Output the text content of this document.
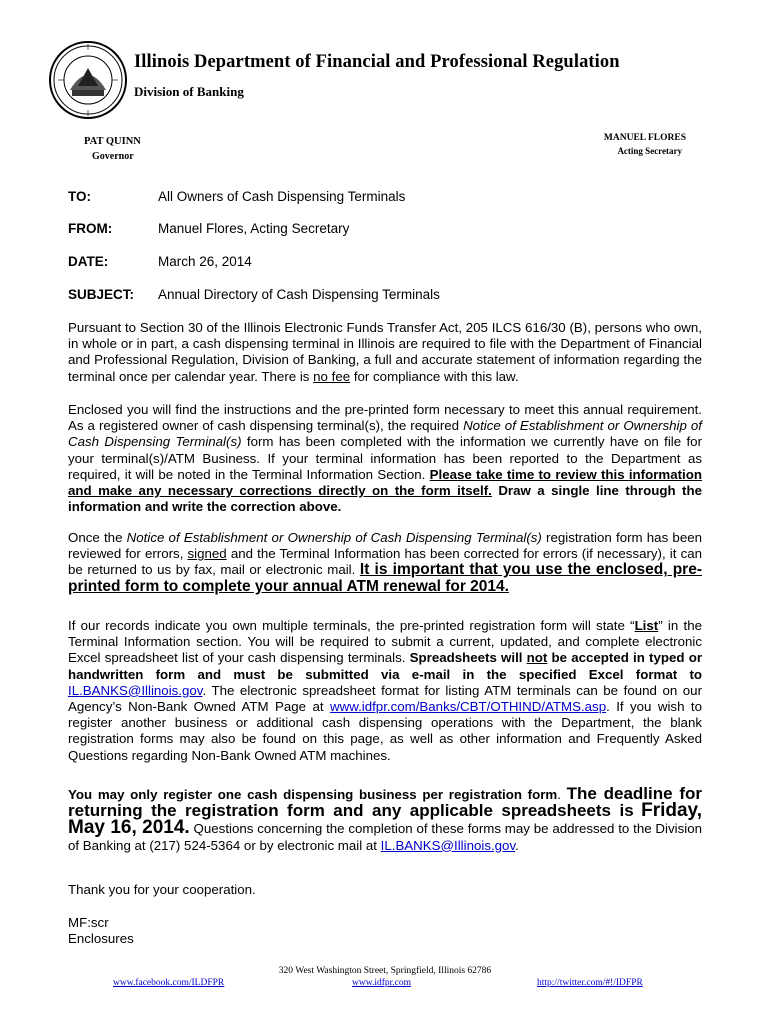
Illinois Department of Financial and Professional Regulation
Division of Banking
PAT QUINN
Governor
MANUEL FLORES
Acting Secretary
TO:	All Owners of Cash Dispensing Terminals
FROM:	Manuel Flores, Acting Secretary
DATE:	March 26, 2014
SUBJECT: Annual Directory of Cash Dispensing Terminals
Pursuant to Section 30 of the Illinois Electronic Funds Transfer Act, 205 ILCS 616/30 (B), persons who own, in whole or in part, a cash dispensing terminal in Illinois are required to file with the Department of Financial and Professional Regulation, Division of Banking, a full and accurate statement of information regarding the terminal once per calendar year. There is no fee for compliance with this law.
Enclosed you will find the instructions and the pre-printed form necessary to meet this annual requirement. As a registered owner of cash dispensing terminal(s), the required Notice of Establishment or Ownership of Cash Dispensing Terminal(s) form has been completed with the information we currently have on file for your terminal(s)/ATM Business. If your terminal information has been reported to the Department as required, it will be noted in the Terminal Information Section. Please take time to review this information and make any necessary corrections directly on the form itself. Draw a single line through the information and write the correction above.
Once the Notice of Establishment or Ownership of Cash Dispensing Terminal(s) registration form has been reviewed for errors, signed and the Terminal Information has been corrected for errors (if necessary), it can be returned to us by fax, mail or electronic mail. It is important that you use the enclosed, pre-printed form to complete your annual ATM renewal for 2014.
If our records indicate you own multiple terminals, the pre-printed registration form will state “List” in the Terminal Information section. You will be required to submit a current, updated, and complete electronic Excel spreadsheet list of your cash dispensing terminals. Spreadsheets will not be accepted in typed or handwritten form and must be submitted via e-mail in the specified Excel format to IL.BANKS@Illinois.gov. The electronic spreadsheet format for listing ATM terminals can be found on our Agency’s Non-Bank Owned ATM Page at www.idfpr.com/Banks/CBT/OTHIND/ATMS.asp. If you wish to register another business or additional cash dispensing operations with the Department, the blank registration forms may also be found on this page, as well as other information and Frequently Asked Questions regarding Non-Bank Owned ATM machines.
You may only register one cash dispensing business per registration form. The deadline for returning the registration form and any applicable spreadsheets is Friday, May 16, 2014. Questions concerning the completion of these forms may be addressed to the Division of Banking at (217) 524-5364 or by electronic mail at IL.BANKS@Illinois.gov.
Thank you for your cooperation.
MF:scr
Enclosures
320 West Washington Street, Springfield, Illinois 62786
www.facebook.com/ILDFPR	www.idfpr.com	http://twitter.com/#!/IDFPR
